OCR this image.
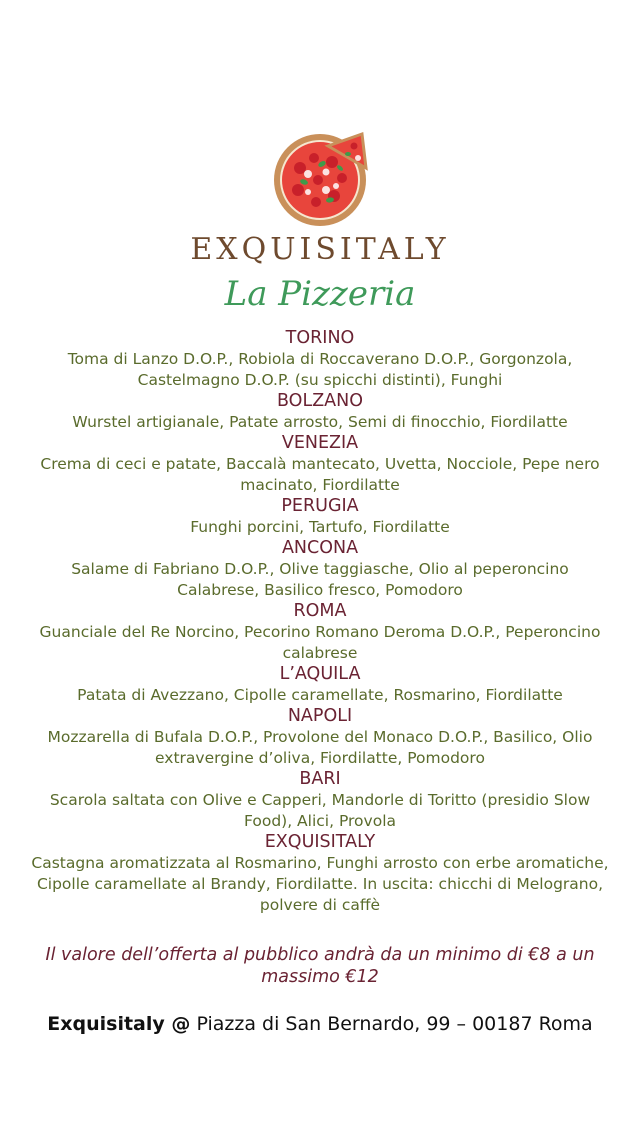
EXQUISITALY
La Pizzeria
TORINO
Toma di Lanzo D.O.P., Robiola di Roccaverano D.O.P., Gorgonzola, Castelmagno D.O.P. (su spicchi distinti), Funghi
BOLZANO
Wurstel artigianale, Patate arrosto, Semi di finocchio, Fiordilatte
VENEZIA
Crema di ceci e patate, Baccalà mantecato, Uvetta, Nocciole, Pepe nero macinato, Fiordilatte
PERUGIA
Funghi porcini, Tartufo, Fiordilatte
ANCONA
Salame di Fabriano D.O.P., Olive taggiasche, Olio al peperoncino Calabrese, Basilico fresco, Pomodoro
ROMA
Guanciale del Re Norcino, Pecorino Romano Deroma D.O.P., Peperoncino calabrese
L’AQUILA
Patata di Avezzano, Cipolle caramellate, Rosmarino, Fiordilatte
NAPOLI
Mozzarella di Bufala D.O.P., Provolone del Monaco D.O.P., Basilico, Olio extravergine d’oliva, Fiordilatte, Pomodoro
BARI
Scarola saltata con Olive e Capperi, Mandorle di Toritto (presidio Slow Food), Alici, Provola
EXQUISITALY
Castagna aromatizzata al Rosmarino, Funghi arrosto con erbe aromatiche, Cipolle caramellate al Brandy, Fiordilatte. In uscita: chicchi di Melograno, polvere di caffè
Il valore dell’offerta al pubblico andrà da un minimo di €8 a un massimo €12
Exquisitaly @ Piazza di San Bernardo, 99 – 00187 Roma
